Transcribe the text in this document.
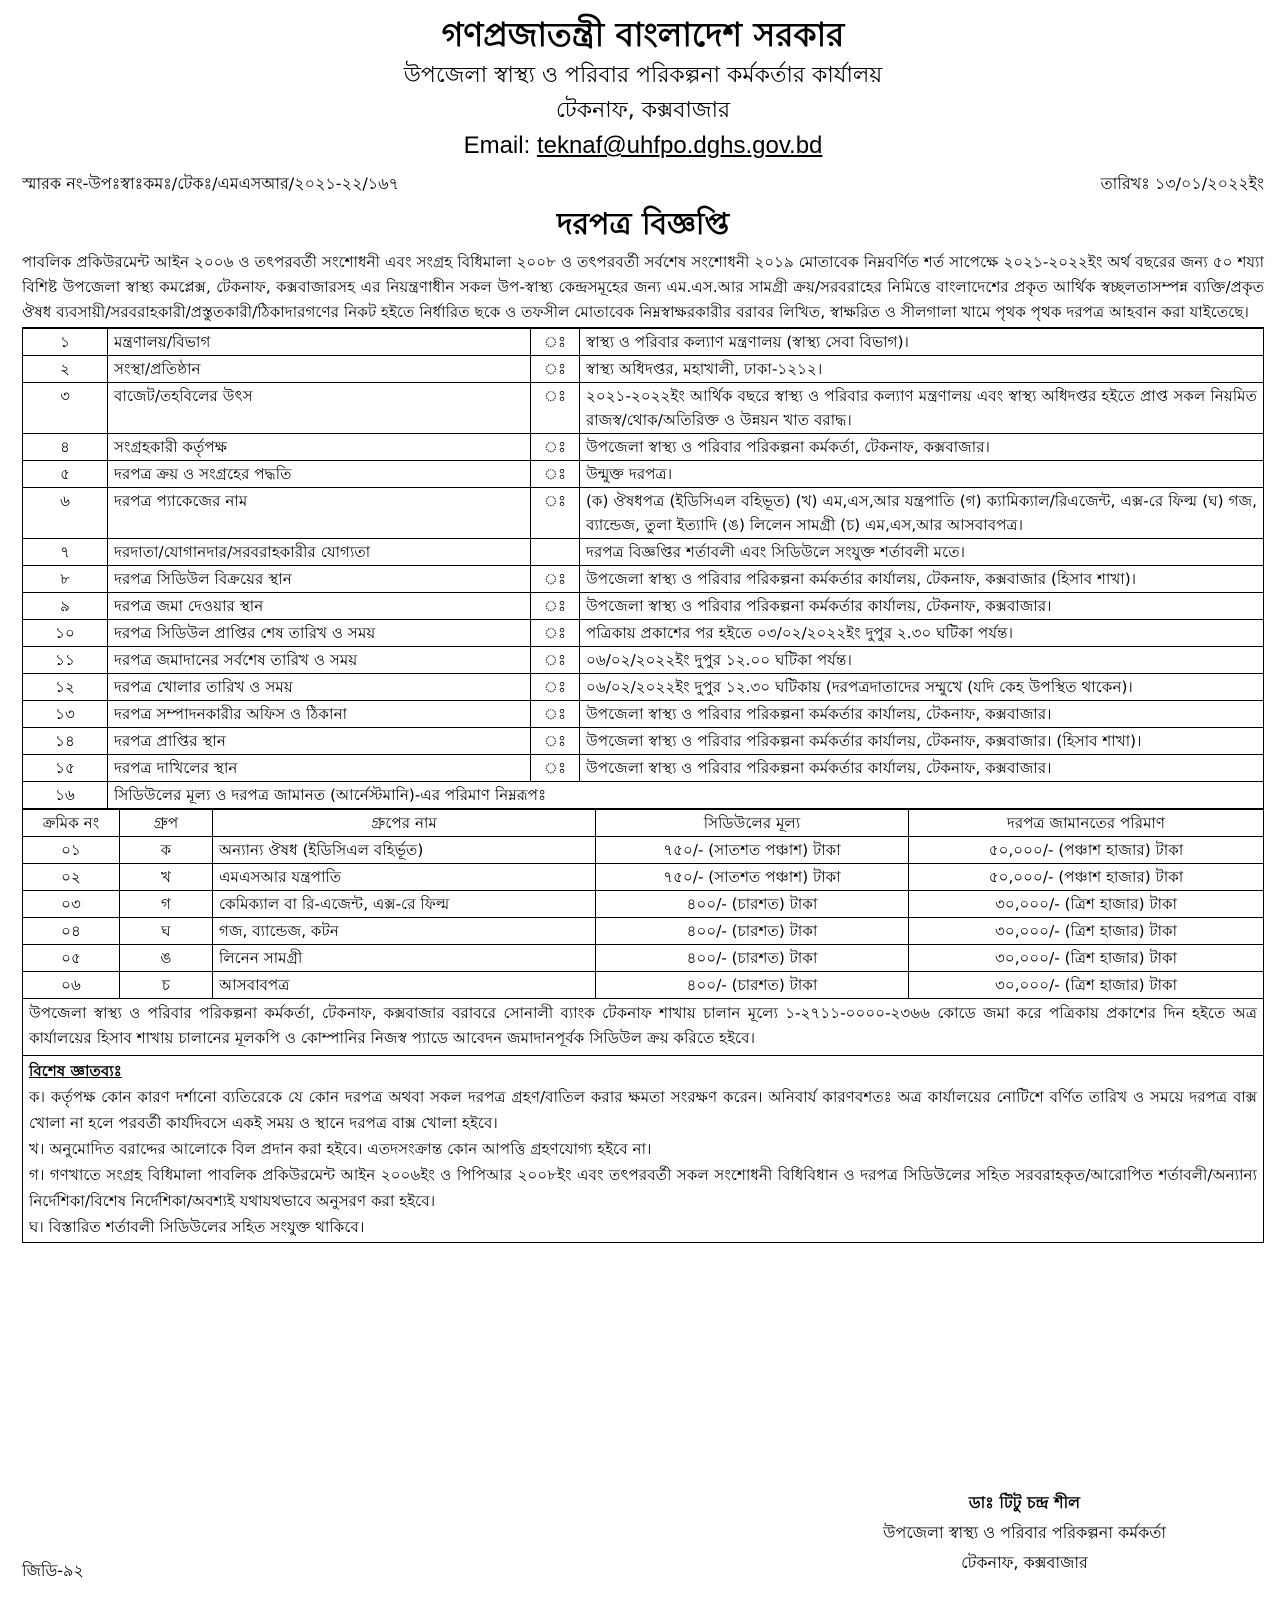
গণপ্রজাতন্ত্রী বাংলাদেশ সরকার
উপজেলা স্বাস্থ্য ও পরিবার পরিকল্পনা কর্মকর্তার কার্যালয়
টেকনাফ, কক্সবাজার
Email: teknaf@uhfpo.dghs.gov.bd
স্মারক নং-উপঃস্বাঃকমঃ/টেকঃ/এমএসআর/২০২১-২২/১৬৭	তারিখঃ ১৩/০১/২০২২ইং
দরপত্র বিজ্ঞপ্তি
পাবলিক প্রকিউরমেন্ট আইন ২০০৬ ও তৎপরবর্তী সংশোধনী এবং সংগ্রহ বিধিমালা ২০০৮ ও তৎপরবর্তী সর্বশেষ সংশোধনী ২০১৯ মোতাবেক নিম্নবর্ণিত শর্ত সাপেক্ষে ২০২১-২০২২ইং অর্থ বছরের জন্য ৫০ শয্যা বিশিষ্ট উপজেলা স্বাস্থ্য কমপ্লেক্স, টেকনাফ, কক্সবাজারসহ এর নিয়ন্ত্রণাধীন সকল উপ-স্বাস্থ্য কেন্দ্রসমূহের জন্য এম.এস.আর সামগ্রী ক্রয়/সরবরাহের নিমিত্তে বাংলাদেশের প্রকৃত আর্থিক স্বচ্ছলতাসম্পন্ন ব্যক্তি/প্রকৃত ঔষধ ব্যবসায়ী/সরবরাহকারী/প্রস্তুতকারী/ঠিকাদারগণের নিকট হইতে নির্ধারিত ছকে ও তফসীল মোতাবেক নিম্নস্বাক্ষরকারীর বরাবর লিখিত, স্বাক্ষরিত ও সীলগালা খামে পৃথক পৃথক দরপত্র আহবান করা যাইতেছে।
১	মন্ত্রণালয়/বিভাগ	ঃ	স্বাস্থ্য ও পরিবার কল্যাণ মন্ত্রণালয় (স্বাস্থ্য সেবা বিভাগ)।
২	সংস্থা/প্রতিষ্ঠান	ঃ	স্বাস্থ্য অধিদপ্তর, মহাখালী, ঢাকা-১২১২।
৩	বাজেট/তহবিলের উৎস	ঃ	২০২১-২০২২ইং আর্থিক বছরে স্বাস্থ্য ও পরিবার কল্যাণ মন্ত্রণালয় এবং স্বাস্থ্য অধিদপ্তর হইতে প্রাপ্ত সকল নিয়মিত রাজস্ব/থোক/অতিরিক্ত ও উন্নয়ন খাত বরাদ্ধ।
৪	সংগ্রহকারী কর্তৃপক্ষ	ঃ	উপজেলা স্বাস্থ্য ও পরিবার পরিকল্পনা কর্মকর্তা, টেকনাফ, কক্সবাজার।
৫	দরপত্র ক্রয় ও সংগ্রহের পদ্ধতি	ঃ	উন্মুক্ত দরপত্র।
৬	দরপত্র প্যাকেজের নাম	ঃ	(ক) ঔষধপত্র (ইডিসিএল বহিভূত) (খ) এম,এস,আর যন্ত্রপাতি (গ) ক্যামিক্যাল/রিএজেন্ট, এক্স-রে ফিল্ম (ঘ) গজ, ব্যান্ডেজ, তুলা ইত্যাদি (ঙ) লিলেন সামগ্রী (চ) এম,এস,আর আসবাবপত্র।
৭	দরদাতা/যোগানদার/সরবরাহকারীর যোগ্যতা		দরপত্র বিজ্ঞপ্তির শর্তাবলী এবং সিডিউলে সংযুক্ত শর্তাবলী মতে।
৮	দরপত্র সিডিউল বিক্রয়ের স্থান	ঃ	উপজেলা স্বাস্থ্য ও পরিবার পরিকল্পনা কর্মকর্তার কার্যালয়, টেকনাফ, কক্সবাজার (হিসাব শাখা)।
৯	দরপত্র জমা দেওয়ার স্থান	ঃ	উপজেলা স্বাস্থ্য ও পরিবার পরিকল্পনা কর্মকর্তার কার্যালয়, টেকনাফ, কক্সবাজার।
১০	দরপত্র সিডিউল প্রাপ্তির শেষ তারিখ ও সময়	ঃ	পত্রিকায় প্রকাশের পর হইতে ০৩/০২/২০২২ইং দুপুর ২.৩০ ঘটিকা পর্যন্ত।
১১	দরপত্র জমাদানের সর্বশেষ তারিখ ও সময়	ঃ	০৬/০২/২০২২ইং দুপুর ১২.০০ ঘটিকা পর্যন্ত।
১২	দরপত্র খোলার তারিখ ও সময়	ঃ	০৬/০২/২০২২ইং দুপুর ১২.৩০ ঘটিকায় (দরপত্রদাতাদের সম্মুখে (যদি কেহ উপস্থিত থাকেন)।
১৩	দরপত্র সম্পাদনকারীর অফিস ও ঠিকানা	ঃ	উপজেলা স্বাস্থ্য ও পরিবার পরিকল্পনা কর্মকর্তার কার্যালয়, টেকনাফ, কক্সবাজার।
১৪	দরপত্র প্রাপ্তির স্থান	ঃ	উপজেলা স্বাস্থ্য ও পরিবার পরিকল্পনা কর্মকর্তার কার্যালয়, টেকনাফ, কক্সবাজার। (হিসাব শাখা)।
১৫	দরপত্র দাখিলের স্থান	ঃ	উপজেলা স্বাস্থ্য ও পরিবার পরিকল্পনা কর্মকর্তার কার্যালয়, টেকনাফ, কক্সবাজার।
১৬	সিডিউলের মূল্য ও দরপত্র জামানত (আর্নেস্টমানি)-এর পরিমাণ নিম্নরূপঃ		
ক্রমিক নং	গ্রুপ	গ্রুপের নাম	সিডিউলের মূল্য	দরপত্র জামানতের পরিমাণ
০১	ক	অন্যান্য ঔষধ (ইডিসিএল বহির্ভূত)	৭৫০/- (সাতশত পঞ্চাশ) টাকা	৫০,০০০/- (পঞ্চাশ হাজার) টাকা
০২	খ	এমএসআর যন্ত্রপাতি	৭৫০/- (সাতশত পঞ্চাশ) টাকা	৫০,০০০/- (পঞ্চাশ হাজার) টাকা
০৩	গ	কেমিক্যাল বা রি-এজেন্ট, এক্স-রে ফিল্ম	৪০০/- (চারশত) টাকা	৩০,০০০/- (ত্রিশ হাজার) টাকা
০৪	ঘ	গজ, ব্যান্ডেজ, কটন	৪০০/- (চারশত) টাকা	৩০,০০০/- (ত্রিশ হাজার) টাকা
০৫	ঙ	লিনেন সামগ্রী	৪০০/- (চারশত) টাকা	৩০,০০০/- (ত্রিশ হাজার) টাকা
০৬	চ	আসবাবপত্র	৪০০/- (চারশত) টাকা	৩০,০০০/- (ত্রিশ হাজার) টাকা
উপজেলা স্বাস্থ্য ও পরিবার পরিকল্পনা কর্মকর্তা, টেকনাফ, কক্সবাজার বরাবরে সোনালী ব্যাংক টেকনাফ শাখায় চালান মূল্যে ১-২৭১১-০০০০-২৩৬৬ কোডে জমা করে পত্রিকায় প্রকাশের দিন হইতে অত্র কার্যালয়ের হিসাব শাখায় চালানের মূলকপি ও কোম্পানির নিজস্ব প্যাডে আবেদন জমাদানপূর্বক সিডিউল ক্রয় করিতে হইবে।
বিশেষ জ্ঞাতব্যঃ

ক। কর্তৃপক্ষ কোন কারণ দর্শানো ব্যতিরেকে যে কোন দরপত্র অথবা সকল দরপত্র গ্রহণ/বাতিল করার ক্ষমতা সংরক্ষণ করেন। অনিবার্য কারণবশতঃ অত্র কার্যালয়ের নোটিশে বর্ণিত তারিখ ও সময়ে দরপত্র বাক্স খোলা না হলে পরবর্তী কার্যদিবসে একই সময় ও স্থানে দরপত্র বাক্স খোলা হইবে।

খ। অনুমোদিত বরাদ্দের আলোকে বিল প্রদান করা হইবে। এতদসংক্রান্ত কোন আপত্তি গ্রহণযোগ্য হইবে না।

গ। গণখাতে সংগ্রহ বিধিমালা পাবলিক প্রকিউরমেন্ট আইন ২০০৬ইং ও পিপিআর ২০০৮ইং এবং তৎপরবর্তী সকল সংশোধনী বিধিবিধান ও দরপত্র সিডিউলের সহিত সরবরাহকৃত/আরোপিত শর্তাবলী/অন্যান্য নির্দেশিকা/বিশেষ নির্দেশিকা/অবশ্যই যথাযথভাবে অনুসরণ করা হইবে।

ঘ। বিস্তারিত শর্তাবলী সিডিউলের সহিত সংযুক্ত থাকিবে।

ডাঃ টিটু চন্দ্র শীল
উপজেলা স্বাস্থ্য ও পরিবার পরিকল্পনা কর্মকর্তা
টেকনাফ, কক্সবাজার
জিডি-৯২
